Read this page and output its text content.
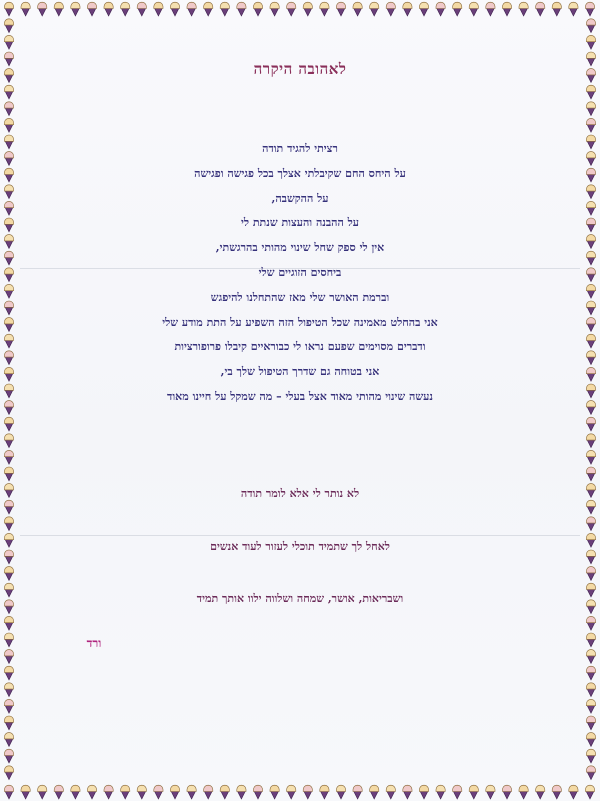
לאהובה היקרה
רציתי להגיד תודה
על היחס החם שקיבלתי אצלך בכל פגישה ופגישה
על ההקשבה,
על ההבנה והעצות שנתת לי
אין לי ספק שחל שינוי מהותי בהרגשתי,
ביחסים הזוגיים שלי
וברמת האושר שלי מאז שהתחלנו להיפגש
אני בהחלט מאמינה שכל הטיפול הזה השפיע על התת מודע שלי
ודברים מסוימים שפעם נראו לי כבוראיים קיבלו פרופורציות
אני בטוחה גם שדרך הטיפול שלך בי,
נעשה שינוי מהותי מאוד אצל בעלי – מה שמקל על חיינו מאוד
לא נותר לי אלא לומר תודה
לאחל לך שתמיד תוכלי לעזור לעוד אנשים
ושבריאות, אושר, שמחה ושלווה ילוו אותך תמיד
ורד
